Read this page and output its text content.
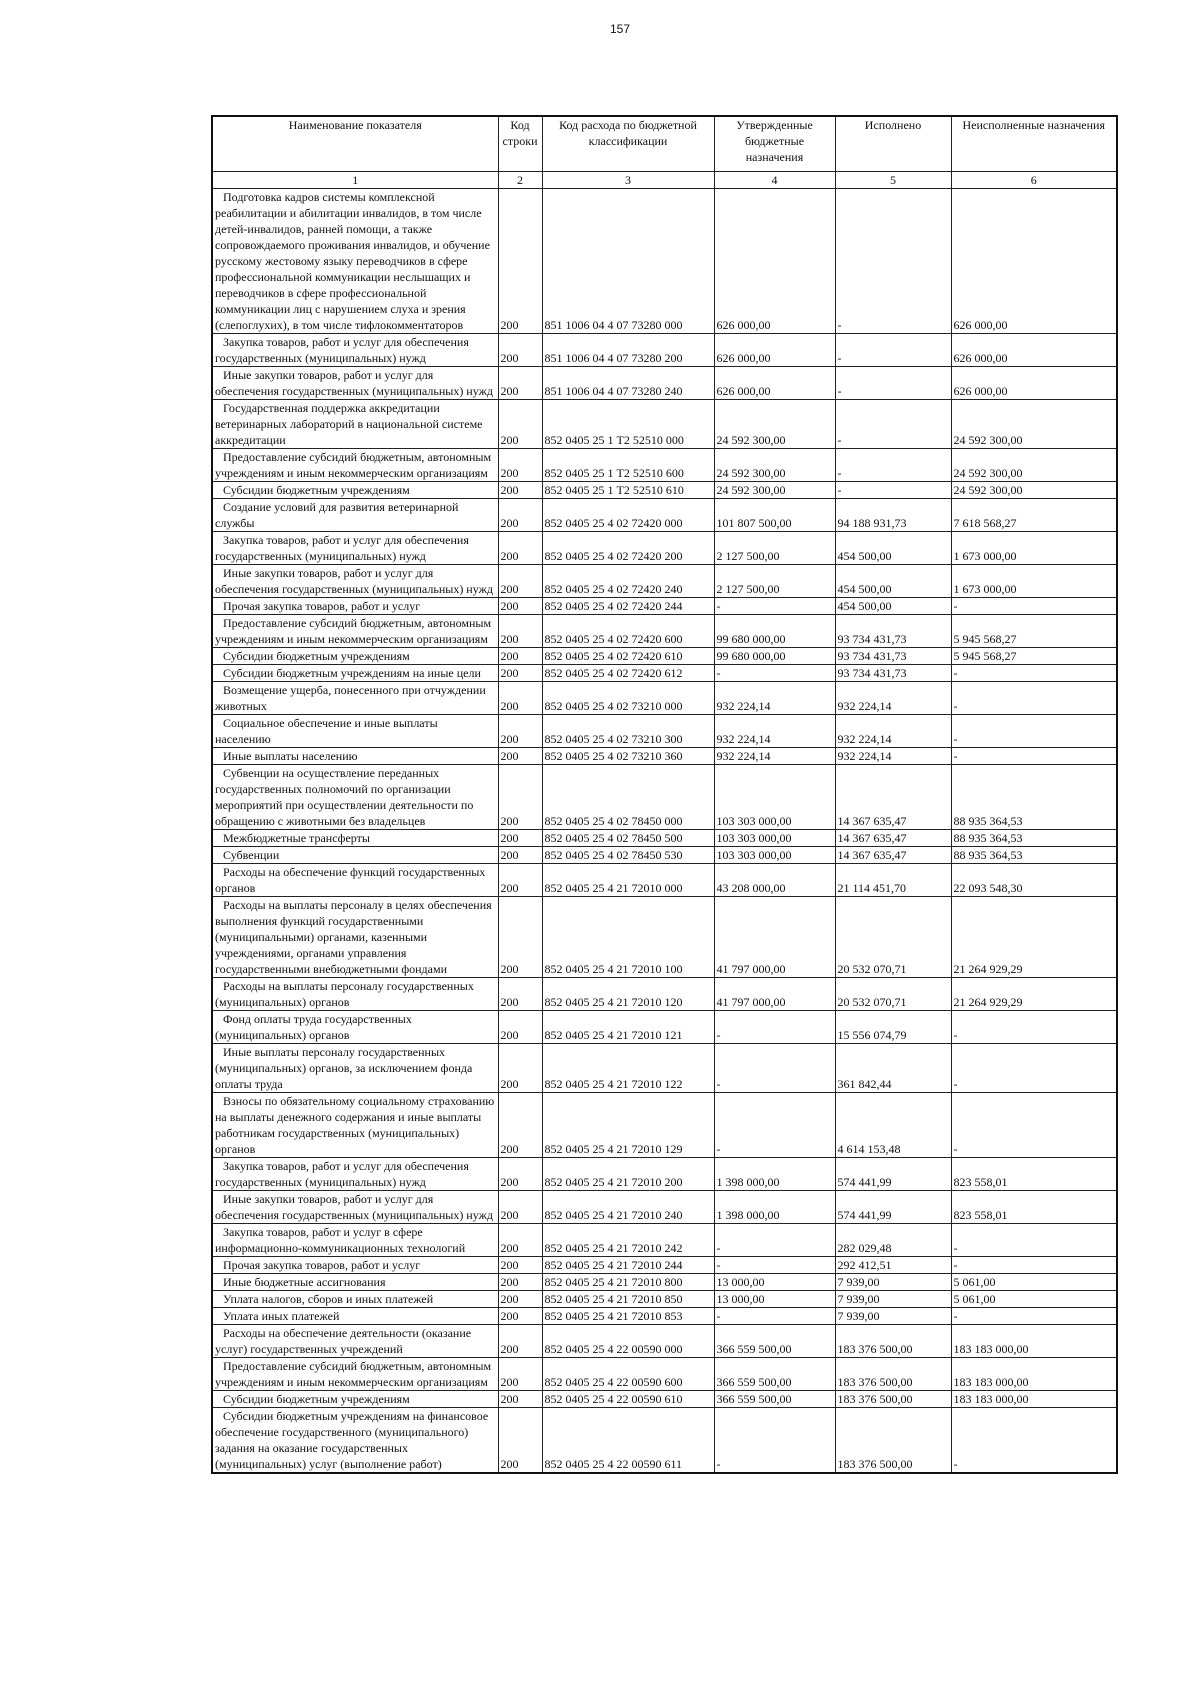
157
Наименование показателя	Код строки	Код расхода по бюджетной классификации	Утвержденные бюджетные назначения	Исполнено	Неисполненные назначения
1	2	3	4	5	6
Подготовка кадров системы комплексной реабилитации и абилитации инвалидов, в том числе детей-инвалидов, ранней помощи, а также сопровождаемого проживания инвалидов, и обучение русскому жестовому языку переводчиков в сфере профессиональной коммуникации неслышащих и переводчиков в сфере профессиональной коммуникации лиц с нарушением слуха и зрения (слепоглухих), в том числе тифлокомментаторов	200	851 1006 04 4 07 73280 000	626 000,00	-	626 000,00
Закупка товаров, работ и услуг для обеспечения государственных (муниципальных) нужд	200	851 1006 04 4 07 73280 200	626 000,00	-	626 000,00
Иные закупки товаров, работ и услуг для обеспечения государственных (муниципальных) нужд	200	851 1006 04 4 07 73280 240	626 000,00	-	626 000,00
Государственная поддержка аккредитации ветеринарных лабораторий в национальной системе аккредитации	200	852 0405 25 1 Т2 52510 000	24 592 300,00	-	24 592 300,00
Предоставление субсидий бюджетным, автономным учреждениям и иным некоммерческим организациям	200	852 0405 25 1 Т2 52510 600	24 592 300,00	-	24 592 300,00
Субсидии бюджетным учреждениям	200	852 0405 25 1 Т2 52510 610	24 592 300,00	-	24 592 300,00
Создание условий для развития ветеринарной службы	200	852 0405 25 4 02 72420 000	101 807 500,00	94 188 931,73	7 618 568,27
Закупка товаров, работ и услуг для обеспечения государственных (муниципальных) нужд	200	852 0405 25 4 02 72420 200	2 127 500,00	454 500,00	1 673 000,00
Иные закупки товаров, работ и услуг для обеспечения государственных (муниципальных) нужд	200	852 0405 25 4 02 72420 240	2 127 500,00	454 500,00	1 673 000,00
Прочая закупка товаров, работ и услуг	200	852 0405 25 4 02 72420 244	-	454 500,00	-
Предоставление субсидий бюджетным, автономным учреждениям и иным некоммерческим организациям	200	852 0405 25 4 02 72420 600	99 680 000,00	93 734 431,73	5 945 568,27
Субсидии бюджетным учреждениям	200	852 0405 25 4 02 72420 610	99 680 000,00	93 734 431,73	5 945 568,27
Субсидии бюджетным учреждениям на иные цели	200	852 0405 25 4 02 72420 612	-	93 734 431,73	-
Возмещение ущерба, понесенного при отчуждении животных	200	852 0405 25 4 02 73210 000	932 224,14	932 224,14	-
Социальное обеспечение и иные выплаты населению	200	852 0405 25 4 02 73210 300	932 224,14	932 224,14	-
Иные выплаты населению	200	852 0405 25 4 02 73210 360	932 224,14	932 224,14	-
Субвенции на осуществление переданных государственных полномочий по организации мероприятий при осуществлении деятельности по обращению с животными без владельцев	200	852 0405 25 4 02 78450 000	103 303 000,00	14 367 635,47	88 935 364,53
Межбюджетные трансферты	200	852 0405 25 4 02 78450 500	103 303 000,00	14 367 635,47	88 935 364,53
Субвенции	200	852 0405 25 4 02 78450 530	103 303 000,00	14 367 635,47	88 935 364,53
Расходы на обеспечение функций государственных органов	200	852 0405 25 4 21 72010 000	43 208 000,00	21 114 451,70	22 093 548,30
Расходы на выплаты персоналу в целях обеспечения выполнения функций государственными (муниципальными) органами, казенными учреждениями, органами управления государственными внебюджетными фондами	200	852 0405 25 4 21 72010 100	41 797 000,00	20 532 070,71	21 264 929,29
Расходы на выплаты персоналу государственных (муниципальных) органов	200	852 0405 25 4 21 72010 120	41 797 000,00	20 532 070,71	21 264 929,29
Фонд оплаты труда государственных (муниципальных) органов	200	852 0405 25 4 21 72010 121	-	15 556 074,79	-
Иные выплаты персоналу государственных (муниципальных) органов, за исключением фонда оплаты труда	200	852 0405 25 4 21 72010 122	-	361 842,44	-
Взносы по обязательному социальному страхованию на выплаты денежного содержания и иные выплаты работникам государственных (муниципальных) органов	200	852 0405 25 4 21 72010 129	-	4 614 153,48	-
Закупка товаров, работ и услуг для обеспечения государственных (муниципальных) нужд	200	852 0405 25 4 21 72010 200	1 398 000,00	574 441,99	823 558,01
Иные закупки товаров, работ и услуг для обеспечения государственных (муниципальных) нужд	200	852 0405 25 4 21 72010 240	1 398 000,00	574 441,99	823 558,01
Закупка товаров, работ и услуг в сфере информационно-коммуникационных технологий	200	852 0405 25 4 21 72010 242	-	282 029,48	-
Прочая закупка товаров, работ и услуг	200	852 0405 25 4 21 72010 244	-	292 412,51	-
Иные бюджетные ассигнования	200	852 0405 25 4 21 72010 800	13 000,00	7 939,00	5 061,00
Уплата налогов, сборов и иных платежей	200	852 0405 25 4 21 72010 850	13 000,00	7 939,00	5 061,00
Уплата иных платежей	200	852 0405 25 4 21 72010 853	-	7 939,00	-
Расходы на обеспечение деятельности (оказание услуг) государственных учреждений	200	852 0405 25 4 22 00590 000	366 559 500,00	183 376 500,00	183 183 000,00
Предоставление субсидий бюджетным, автономным учреждениям и иным некоммерческим организациям	200	852 0405 25 4 22 00590 600	366 559 500,00	183 376 500,00	183 183 000,00
Субсидии бюджетным учреждениям	200	852 0405 25 4 22 00590 610	366 559 500,00	183 376 500,00	183 183 000,00
Субсидии бюджетным учреждениям на финансовое обеспечение государственного (муниципального) задания на оказание государственных (муниципальных) услуг (выполнение работ)	200	852 0405 25 4 22 00590 611	-	183 376 500,00	-
